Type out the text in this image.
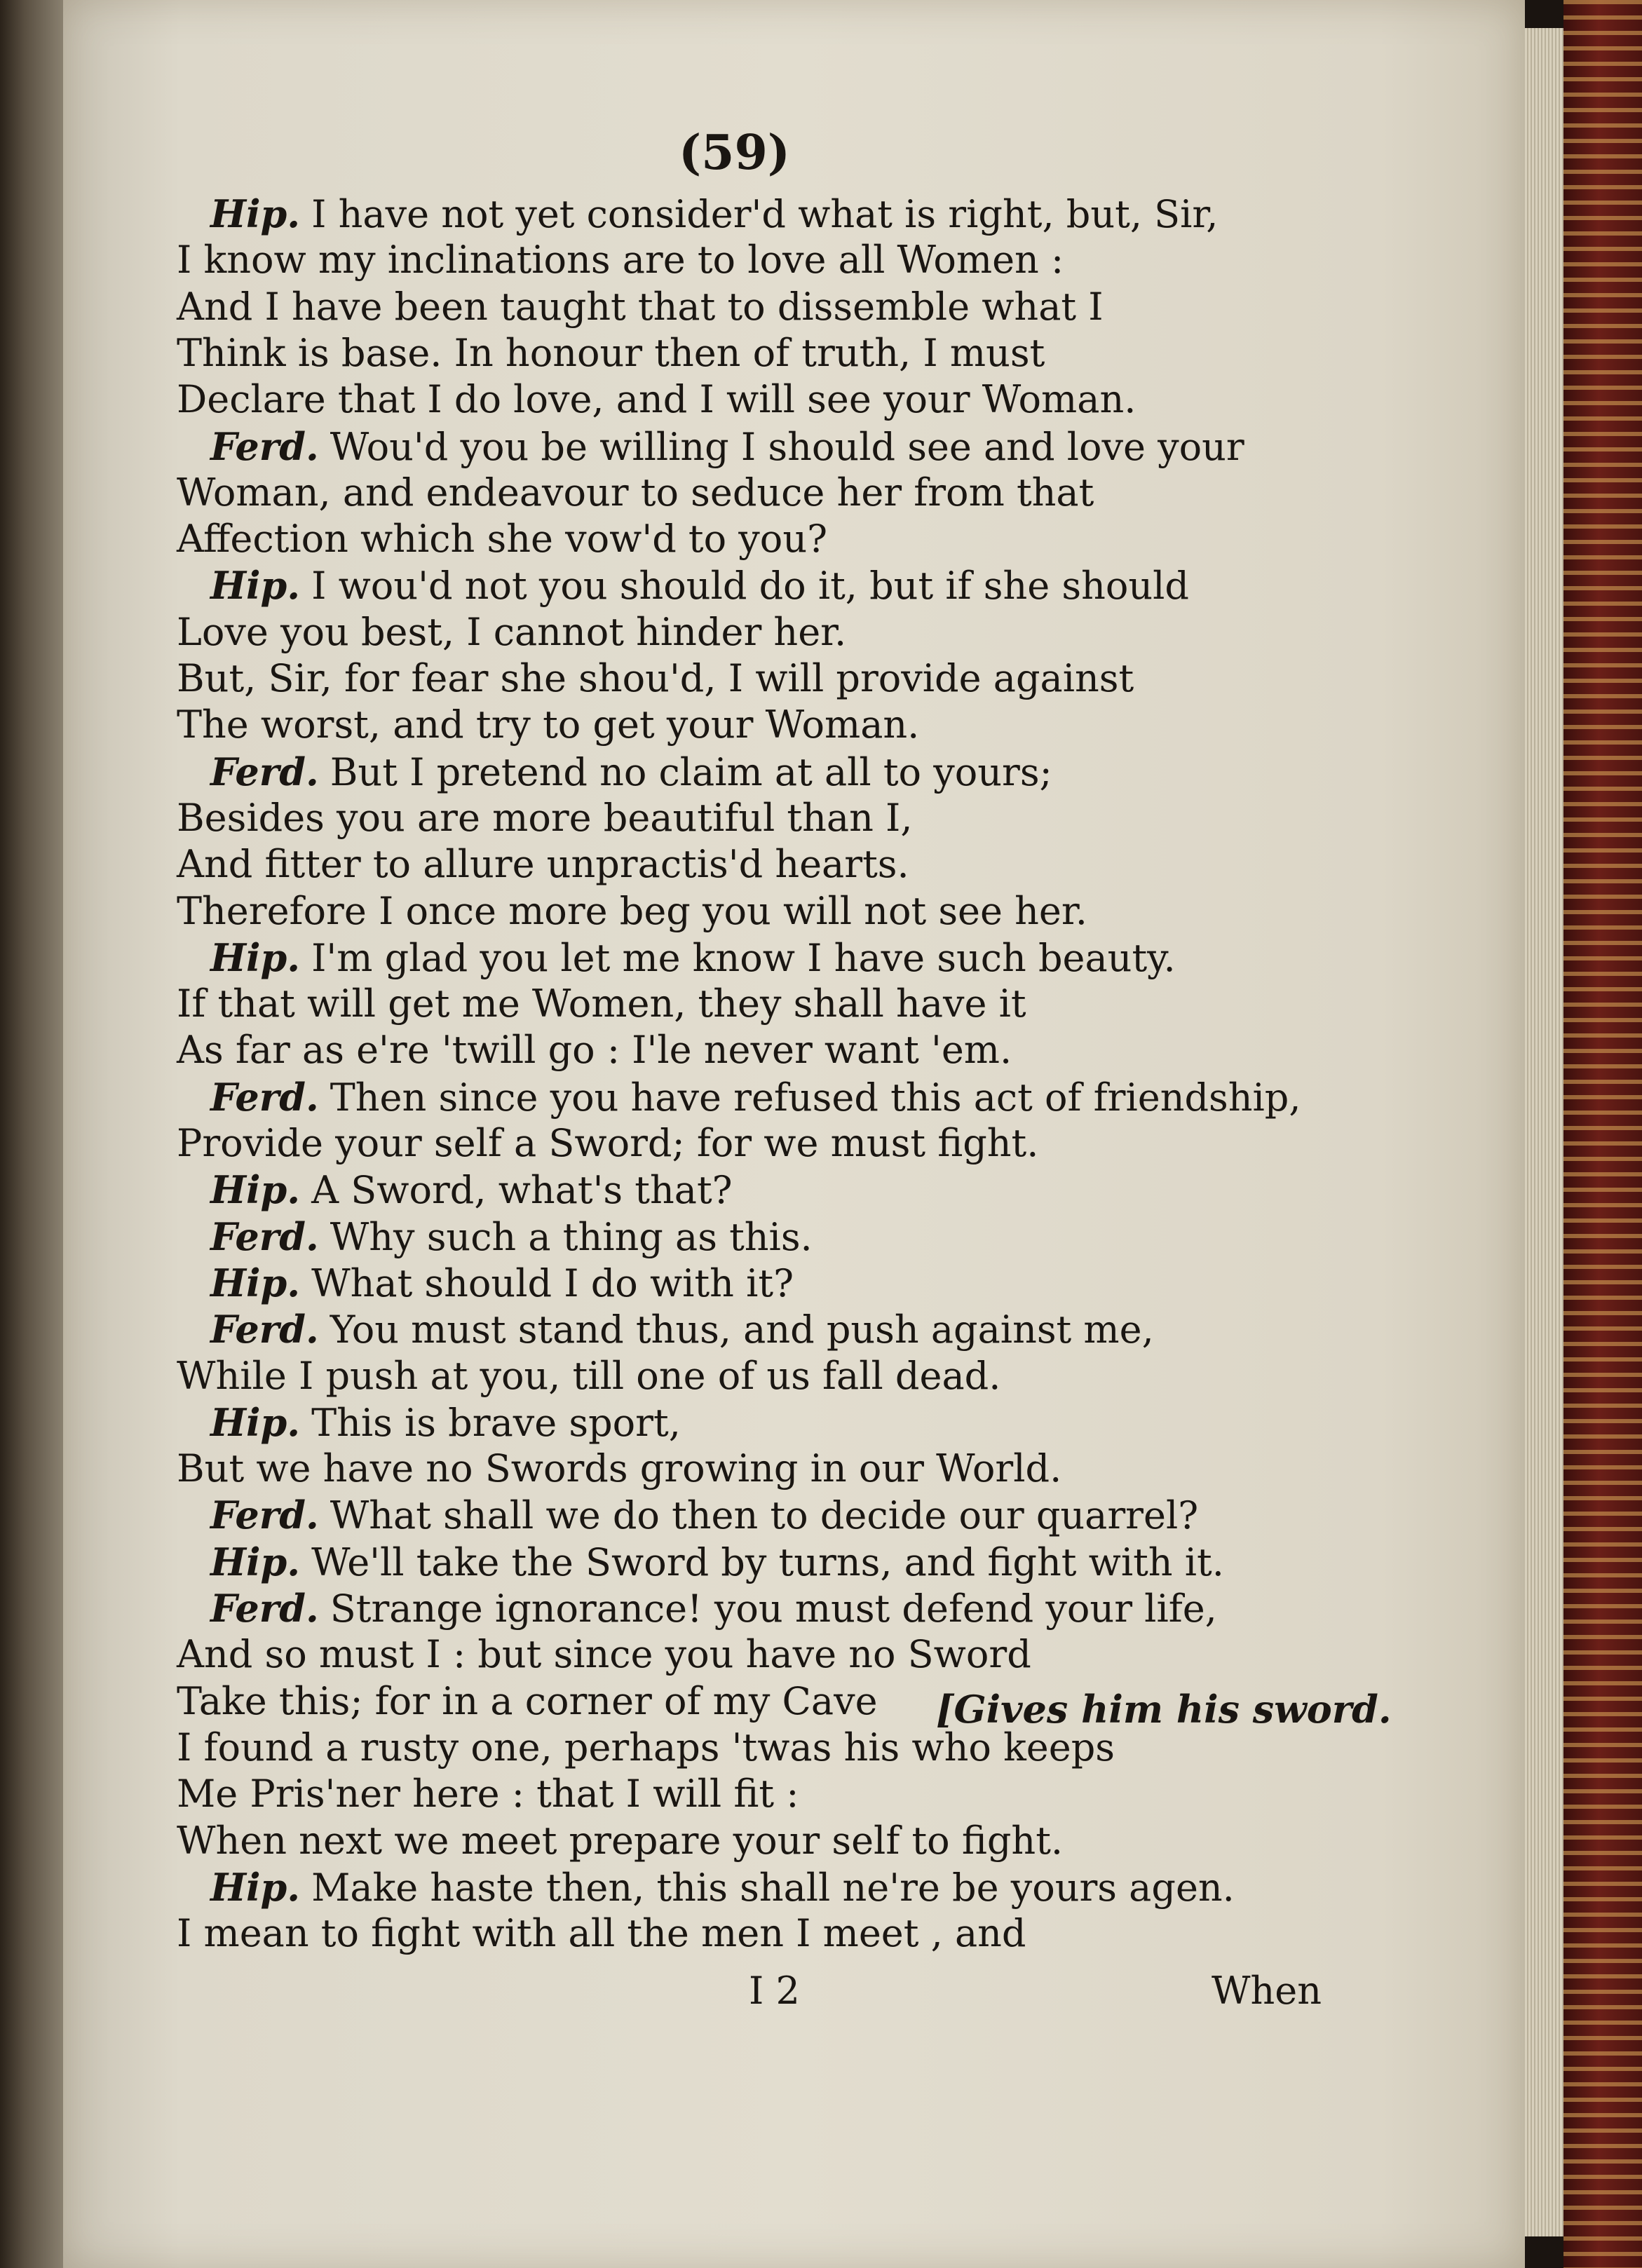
(59)
Hip. I have not yet consider'd what is right, but, Sir,
I know my inclinations are to love all Women :
And I have been taught that to dissemble what I
Think is base. In honour then of truth, I must
Declare that I do love, and I will see your Woman.
Ferd. Wou'd you be willing I should see and love your
Woman, and endeavour to seduce her from that
Affection which she vow'd to you?
Hip. I wou'd not you should do it, but if she should
Love you best, I cannot hinder her.
But, Sir, for fear she shou'd, I will provide against
The worst, and try to get your Woman.
Ferd. But I pretend no claim at all to yours;
Besides you are more beautiful than I,
And fitter to allure unpractis'd hearts.
Therefore I once more beg you will not see her.
Hip. I'm glad you let me know I have such beauty.
If that will get me Women, they shall have it
As far as e're 'twill go : I'le never want 'em.
Ferd. Then since you have refused this act of friendship,
Provide your self a Sword; for we must fight.
Hip. A Sword, what's that?
Ferd. Why such a thing as this.
Hip. What should I do with it?
Ferd. You must stand thus, and push against me,
While I push at you, till one of us fall dead.
Hip. This is brave sport,
But we have no Swords growing in our World.
Ferd. What shall we do then to decide our quarrel?
Hip. We'll take the Sword by turns, and fight with it.
Ferd. Strange ignorance! you must defend your life,
And so must I : but since you have no Sword
Take this; for in a corner of my Cave
I found a rusty one, perhaps 'twas his who keeps
Me Pris'ner here : that I will fit :
When next we meet prepare your self to fight.
Hip. Make haste then, this shall ne're be yours agen.
I mean to fight with all the men I meet , and
[Gives him his sword.
I 2	When
